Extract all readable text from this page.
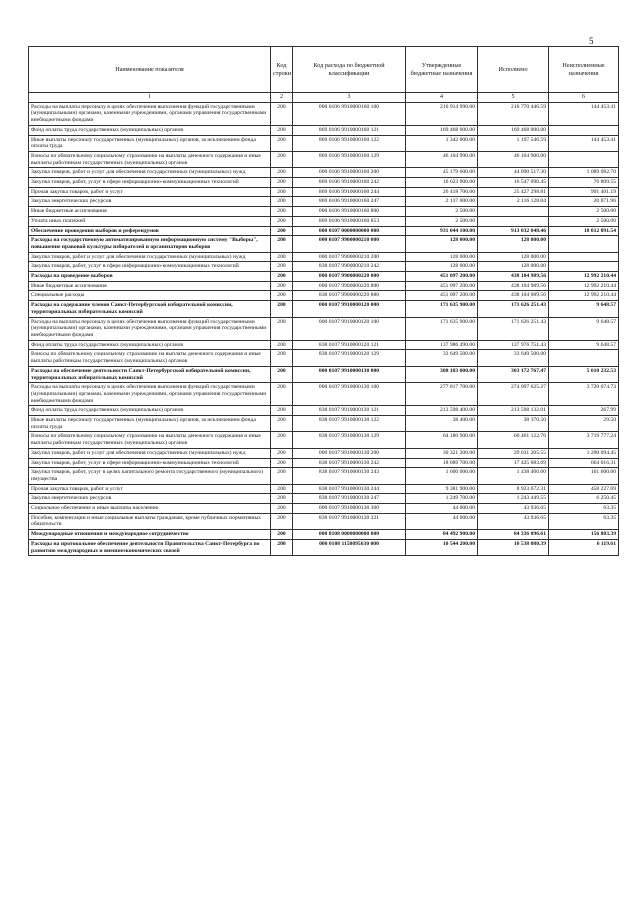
5
Наименование показателя	Код строки	Код расхода по бюджетной классификации	Утвержденные бюджетные назначения	Исполнено	Неисполненные назначения
1	2	3	4	5	6
Расходы на выплаты персоналу в целях обеспечения выполнения функций государственными (муниципальными) органами, казенными учреждениями, органами управления государственными внебюджетными фондами	200	000 0106 9910000160 100	216 914 990.00	216 770 446.59	144 453.41
Фонд оплаты труда государственных (муниципальных) органов	200	869 0106 9910000160 121	169 468 000.00	169 468 000.00	
Иные выплаты персоналу государственных (муниципальных) органов, за исключением фонда оплаты труда	200	869 0106 9910000160 122	1 342 000.00	1 197 546.59	144 453.41
Взносы по обязательному социальному страхованию на выплаты денежного содержания и иные выплаты работникам государственных (муниципальных) органов	200	869 0106 9910000160 129	46 104 990.00	46 104 900.00	
Закупка товаров, работ и услуг для обеспечения государственных (муниципальных) нужд	200	000 0106 9910000160 200	45 179 600.00	44 090 517.30	1 089 082.70
Закупка товаров, работ, услуг в сфере информационно-коммуникационных технологий	200	869 0106 9910000160 242	16 623 900.00	16 547 090.45	76 809.55
Прочая закупка товаров, работ и услуг	200	869 0106 9910000160 244	26 418 700.00	25 427 298.81	991 401.19
Закупка энергетических ресурсов	200	869 0106 9910000160 247	2 137 000.00	2 116 128.04	20 871.96
Иные бюджетные ассигнования	200	000 0106 9910000160 800	2 500.00		2 500.00
Уплата иных платежей	200	869 0106 9910000160 853	2 500.00		2 500.00
Обеспечение проведения выборов и референдумов	200	000 0107 0000000000 000	931 044 100.00	913 032 048.46	18 012 091.54
Расходы на государственную автоматизированную информационную систему "Выборы", повышение правовой культуры избирателей и организаторов выборов	200	000 0107 9900000210 000	128 000.00	128 000.00	
Закупка товаров, работ и услуг для обеспечения государственных (муниципальных) нужд	200	000 0107 9900000210 200	128 000.00	128 000.00	
Закупка товаров, работ, услуг в сфере информационно-коммуникационных технологий	200	838 0107 9900000210 242	128 000.00	128 000.00	
Расходы на проведение выборов	200	000 0107 9900000220 000	451 097 200.00	438 104 989.56	12 992 210.44
Иные бюджетные ассигнования	200	000 0107 9900000220 800	451 097 200.00	438 104 989.56	12 992 210.44
Специальные расходы	200	838 0107 9900000220 880	451 097 200.00	438 104 989.56	12 992 210.44
Расходы на содержание членов Санкт-Петербургской избирательной комиссии, территориальных избирательных комиссий	200	000 0107 9910000120 000	171 635 900.00	171 626 251.43	9 648.57
Расходы на выплаты персоналу в целях обеспечения выполнения функций государственными (муниципальными) органами, казенными учреждениями, органами управления государственными внебюджетными фондами	200	000 0107 9910000120 100	171 635 900.00	171 626 251.43	9 648.57
Фонд оплаты труда государственных (муниципальных) органов	200	838 0107 9910000120 121	137 986 490.00	137 976 751.43	9 648.57
Взносы по обязательному социальному страхованию на выплаты денежного содержания и иные выплаты работникам государственных (муниципальных) органов	200	838 0107 9910000120 129	33 649 500.00	33 649 500.00	
Расходы на обеспечение деятельности Санкт-Петербургской избирательной комиссии, территориальных избирательных комиссий	200	000 0107 9910000130 000	308 183 000.00	303 172 767.47	5 010 232.53
Расходы на выплаты персоналу в целях обеспечения выполнения функций государственными (муниципальными) органами, казенными учреждениями, органами управления государственными внебюджетными фондами	200	000 0107 9910000130 100	277 817 700.00	274 097 625.27	3 720 074.73
Фонд оплаты труда государственных (муниципальных) органов	200	838 0107 9910000130 121	213 598 400.00	213 598 132.01	267.99
Иные выплаты персоналу государственных (муниципальных) органов, за исключением фонда оплаты труда	200	838 0107 9910000130 122	38 400.00	38 370.50	29.50
Взносы по обязательному социальному страхованию на выплаты денежного содержания и иные выплаты работникам государственных (муниципальных) органов	200	838 0107 9910000130 129	64 180 900.00	60 461 122.76	3 719 777.24
Закупка товаров, работ и услуг для обеспечения государственных (муниципальных) нужд	200	000 0107 9910000130 200	30 321 300.00	29 031 205.55	1 290 094.45
Закупка товаров, работ, услуг в сфере информационно-коммуникационных технологий	200	838 0107 9910000130 242	18 089 700.00	17 425 683.69	664 016.31
Закупка товаров, работ, услуг в целях капитального ремонта государственного (муниципального) имущества	200	838 0107 9910000130 243	1 600 000.00	1 438 400.00	161 600.00
Прочая закупка товаров, работ и услуг	200	838 0107 9910000130 244	9 381 900.00	8 923 672.31	458 227.69
Закупка энергетических ресурсов	200	838 0107 9910000130 247	1 249 700.00	1 243 449.55	6 250.45
Социальное обеспечение и иные выплаты населению	200	000 0107 9910000130 300	44 000.00	43 936.65	63.35
Пособия, компенсации и иные социальные выплаты гражданам, кроме публичных нормативных обязательств	200	838 0107 9910000130 321	44 000.00	43 936.65	63.35
Международные отношения и международное сотрудничество	200	000 0108 0000000000 000	84 492 900.00	84 336 096.61	156 803.39
Расходы на протокольное обеспечение деятельности Правительства Санкт-Петербурга по развитию международных и внешнеэкономических связей	200	000 0108 1150095630 000	10 544 200.00	10 538 080.39	6 119.61
